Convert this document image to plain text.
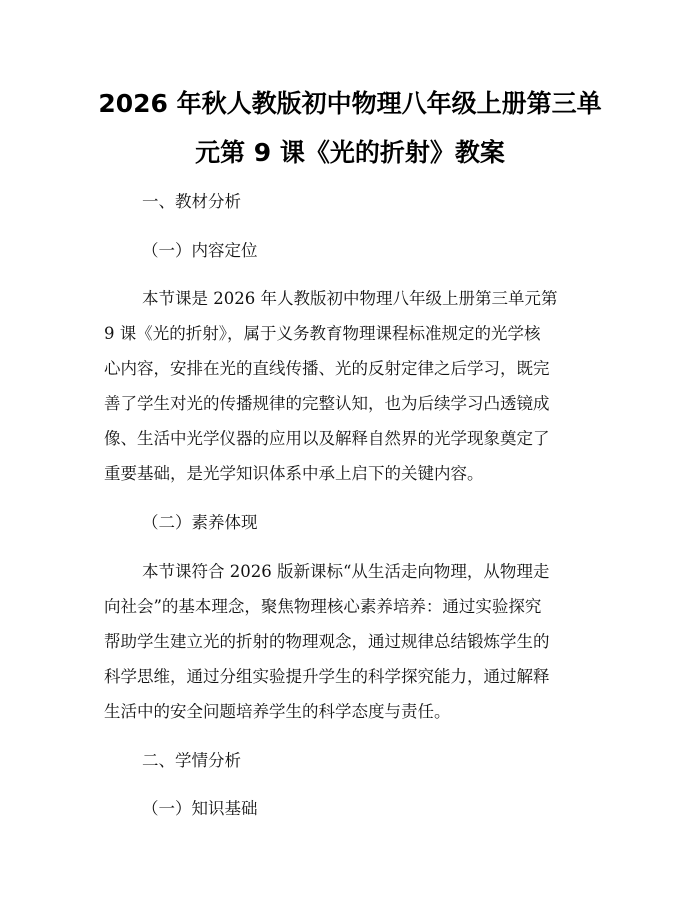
2026 年秋人教版初中物理八年级上册第三单
元第 9 课《光的折射》教案
一、教材分析
（一）内容定位
本节课是 2026 年人教版初中物理八年级上册第三单元第
9 课《光的折射》，属于义务教育物理课程标准规定的光学核
心内容，安排在光的直线传播、光的反射定律之后学习，既完
善了学生对光的传播规律的完整认知，也为后续学习凸透镜成
像、生活中光学仪器的应用以及解释自然界的光学现象奠定了
重要基础，是光学知识体系中承上启下的关键内容。
（二）素养体现
本节课符合 2026 版新课标“从生活走向物理，从物理走
向社会”的基本理念，聚焦物理核心素养培养：通过实验探究
帮助学生建立光的折射的物理观念，通过规律总结锻炼学生的
科学思维，通过分组实验提升学生的科学探究能力，通过解释
生活中的安全问题培养学生的科学态度与责任。
二、学情分析
（一）知识基础
